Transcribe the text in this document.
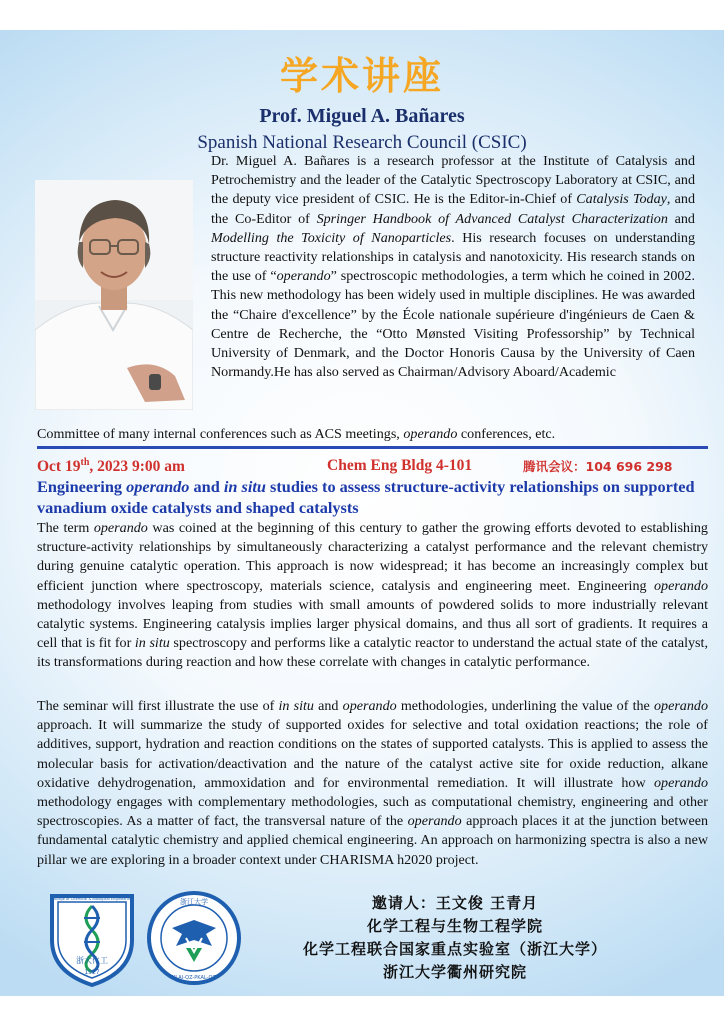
学术讲座
Prof. Miguel A. Bañares
Spanish National Research Council (CSIC)
Dr. Miguel A. Bañares is a research professor at the Institute of Catalysis and Petrochemistry and the leader of the Catalytic Spectroscopy Laboratory at CSIC, and the deputy vice president of CSIC. He is the Editor-in-Chief of Catalysis Today, and the Co-Editor of Springer Handbook of Advanced Catalyst Characterization and Modelling the Toxicity of Nanoparticles. His research focuses on understanding structure reactivity relationships in catalysis and nanotoxicity. His research stands on the use of “operando” spectroscopic methodologies, a term which he coined in 2002. This new methodology has been widely used in multiple disciplines. He was awarded the “Chaire d'excellence” by the École nationale supérieure d'ingénieurs de Caen & Centre de Recherche, the “Otto Mønsted Visiting Professorship” by Technical University of Denmark, and the Doctor Honoris Causa by the University of Caen Normandy.He has also served as Chairman/Advisory Aboard/Academic
Committee of many internal conferences such as ACS meetings, operando conferences, etc.
Oct 19th, 2023 9:00 am	Chem Eng Bldg 4-101	腾讯会议：104 696 298
Engineering operando and in situ studies to assess structure-activity relationships on supported vanadium oxide catalysts and shaped catalysts
The term operando was coined at the beginning of this century to gather the growing efforts devoted to establishing structure-activity relationships by simultaneously characterizing a catalyst performance and the relevant chemistry during genuine catalytic operation. This approach is now widespread; it has become an increasingly complex but efficient junction where spectroscopy, materials science, catalysis and engineering meet. Engineering operando methodology involves leaping from studies with small amounts of powdered solids to more industrially relevant catalytic systems. Engineering catalysis implies larger physical domains, and thus all sort of gradients. It requires a cell that is fit for in situ spectroscopy and performs like a catalytic reactor to understand the actual state of the catalyst, its transformations during reaction and how these correlate with changes in catalytic performance.
The seminar will first illustrate the use of in situ and operando methodologies, underlining the value of the operando approach. It will summarize the study of supported oxides for selective and total oxidation reactions; the role of additives, support, hydration and reaction conditions on the states of supported catalysts. This is applied to assess the molecular basis for activation/deactivation and the nature of the catalyst active site for oxide reduction, alkane oxidative dehydrogenation, ammoxidation and for environmental remediation. It will illustrate how operando methodology engages with complementary methodologies, such as computational chemistry, engineering and other spectroscopies. As a matter of fact, the transversal nature of the operando approach places it at the junction between fundamental catalytic chemistry and applied chemical engineering. An approach on harmonizing spectra is also a new pillar we are exploring in a broader context under CHARISMA h2020 project.
浙大化工
1927
College of Chemical & Biological Engineering	浙江大学
KLAI-QZ-PKAL-QZ
邀请人：王文俊 王青月
化学工程与生物工程学院
化学工程联合国家重点实验室（浙江大学）
浙江大学衢州研究院
